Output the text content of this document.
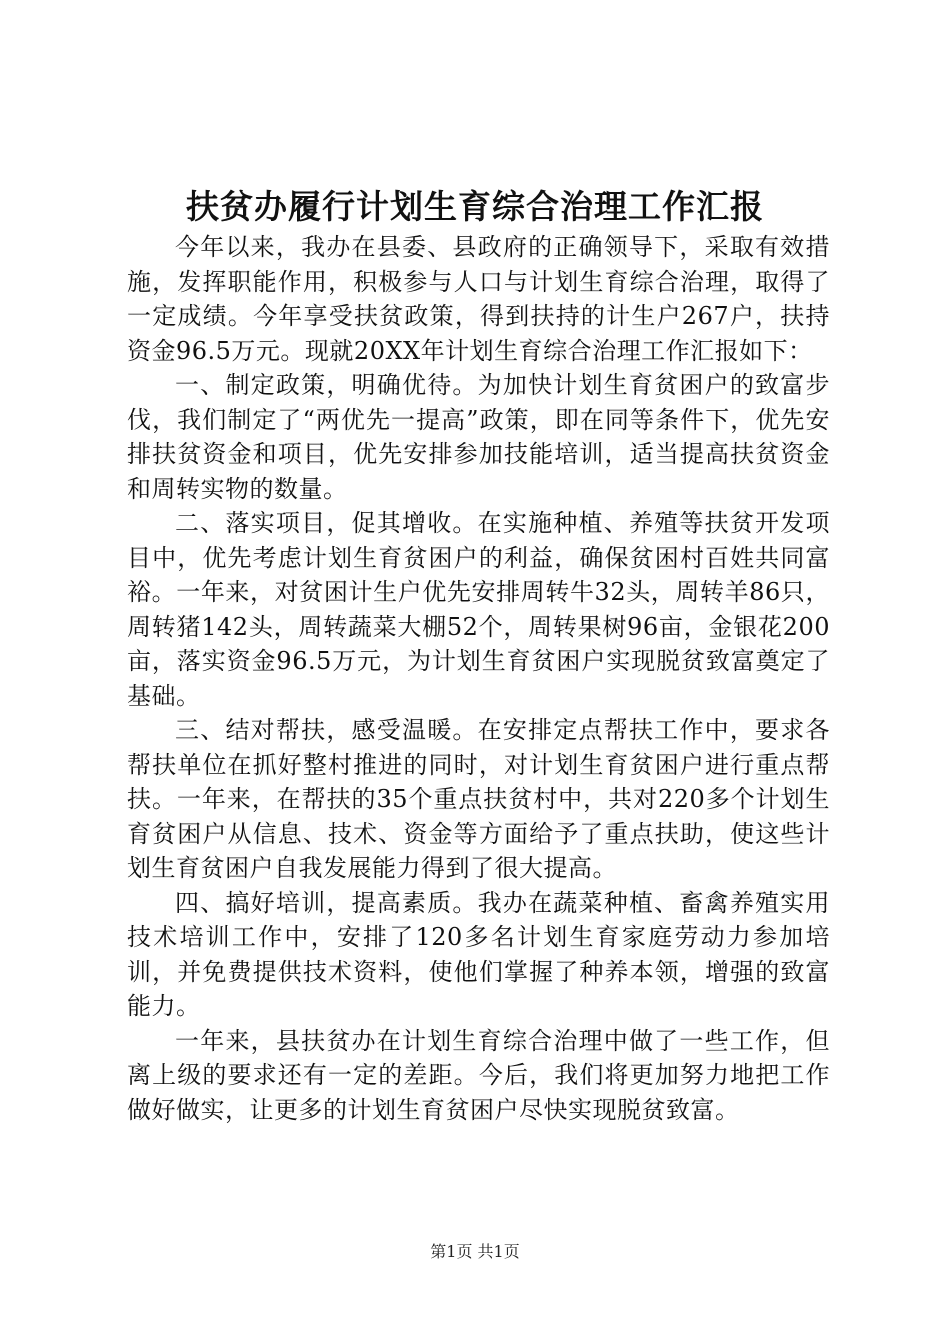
扶贫办履行计划生育综合治理工作汇报

今年以来，我办在县委、县政府的正确领导下，采取有效措施，发挥职能作用，积极参与人口与计划生育综合治理，取得了一定成绩。今年享受扶贫政策，得到扶持的计生户267户，扶持资金96.5万元。现就20XX年计划生育综合治理工作汇报如下：

一、制定政策，明确优待。为加快计划生育贫困户的致富步伐，我们制定了“两优先一提高”政策，即在同等条件下，优先安排扶贫资金和项目，优先安排参加技能培训，适当提高扶贫资金和周转实物的数量。

二、落实项目，促其增收。在实施种植、养殖等扶贫开发项目中，优先考虑计划生育贫困户的利益，确保贫困村百姓共同富裕。一年来，对贫困计生户优先安排周转牛32头，周转羊86只，周转猪142头，周转蔬菜大棚52个，周转果树96亩，金银花200亩，落实资金96.5万元，为计划生育贫困户实现脱贫致富奠定了基础。

三、结对帮扶，感受温暖。在安排定点帮扶工作中，要求各帮扶单位在抓好整村推进的同时，对计划生育贫困户进行重点帮扶。一年来，在帮扶的35个重点扶贫村中，共对220多个计划生育贫困户从信息、技术、资金等方面给予了重点扶助，使这些计划生育贫困户自我发展能力得到了很大提高。

四、搞好培训，提高素质。我办在蔬菜种植、畜禽养殖实用技术培训工作中，安排了120多名计划生育家庭劳动力参加培训，并免费提供技术资料，使他们掌握了种养本领，增强的致富能力。

一年来，县扶贫办在计划生育综合治理中做了一些工作，但离上级的要求还有一定的差距。今后，我们将更加努力地把工作做好做实，让更多的计划生育贫困户尽快实现脱贫致富。

第1页 共1页
